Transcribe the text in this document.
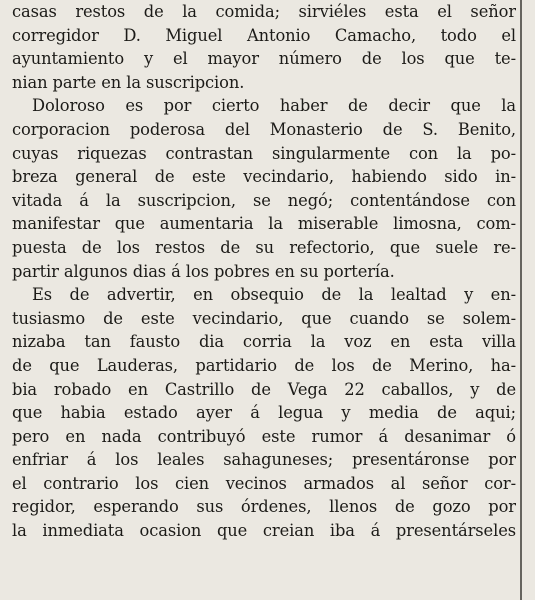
casas restos de la comida; sirviéles esta el señor
corregidor D. Miguel Antonio Camacho, todo el
ayuntamiento y el mayor número de los que te-
nian parte en la suscripcion.
Doloroso es por cierto haber de decir que la
corporacion poderosa del Monasterio de S. Benito,
cuyas riquezas contrastan singularmente con la po-
breza general de este vecindario, habiendo sido in-
vitada á la suscripcion, se negó; contentándose con
manifestar que aumentaria la miserable limosna, com-
puesta de los restos de su refectorio, que suele re-
partir algunos dias á los pobres en su portería.
Es de advertir, en obsequio de la lealtad y en-
tusiasmo de este vecindario, que cuando se solem-
nizaba tan fausto dia corria la voz en esta villa
de que Lauderas, partidario de los de Merino, ha-
bia robado en Castrillo de Vega 22 caballos, y de
que habia estado ayer á legua y media de aqui;
pero en nada contribuyó este rumor á desanimar ó
enfriar á los leales sahaguneses; presentáronse por
el contrario los cien vecinos armados al señor cor-
regidor, esperando sus órdenes, llenos de gozo por
la inmediata ocasion que creian iba á presentárseles
